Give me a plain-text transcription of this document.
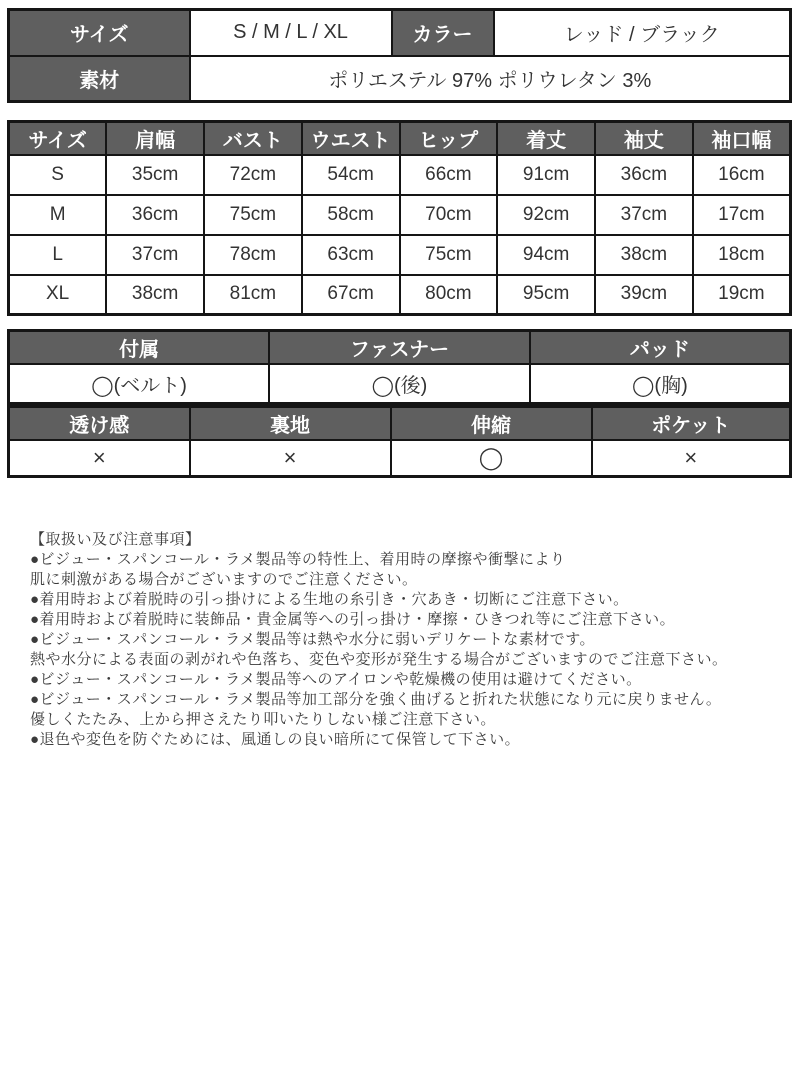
サイズ	S / M / L / XL	カラー	レッド / ブラック
素材	ポリエステル 97% ポリウレタン 3%		
サイズ	肩幅	バスト	ウエスト	ヒップ	着丈	袖丈	袖口幅
S	35cm	72cm	54cm	66cm	91cm	36cm	16cm
M	36cm	75cm	58cm	70cm	92cm	37cm	17cm
L	37cm	78cm	63cm	75cm	94cm	38cm	18cm
XL	38cm	81cm	67cm	80cm	95cm	39cm	19cm
付属	ファスナー	パッド
◯(ベルト)	◯(後)	◯(胸)
透け感	裏地	伸縮	ポケット
×	×	◯	×
【取扱い及び注意事項】
●ビジュー・スパンコール・ラメ製品等の特性上、着用時の摩擦や衝撃により
肌に刺激がある場合がございますのでご注意ください。
●着用時および着脱時の引っ掛けによる生地の糸引き・穴あき・切断にご注意下さい。
●着用時および着脱時に装飾品・貴金属等への引っ掛け・摩擦・ひきつれ等にご注意下さい。
●ビジュー・スパンコール・ラメ製品等は熱や水分に弱いデリケートな素材です。
熱や水分による表面の剥がれや色落ち、変色や変形が発生する場合がございますのでご注意下さい。
●ビジュー・スパンコール・ラメ製品等へのアイロンや乾燥機の使用は避けてください。
●ビジュー・スパンコール・ラメ製品等加工部分を強く曲げると折れた状態になり元に戻りません。
優しくたたみ、上から押さえたり叩いたりしない様ご注意下さい。
●退色や変色を防ぐためには、風通しの良い暗所にて保管して下さい。
